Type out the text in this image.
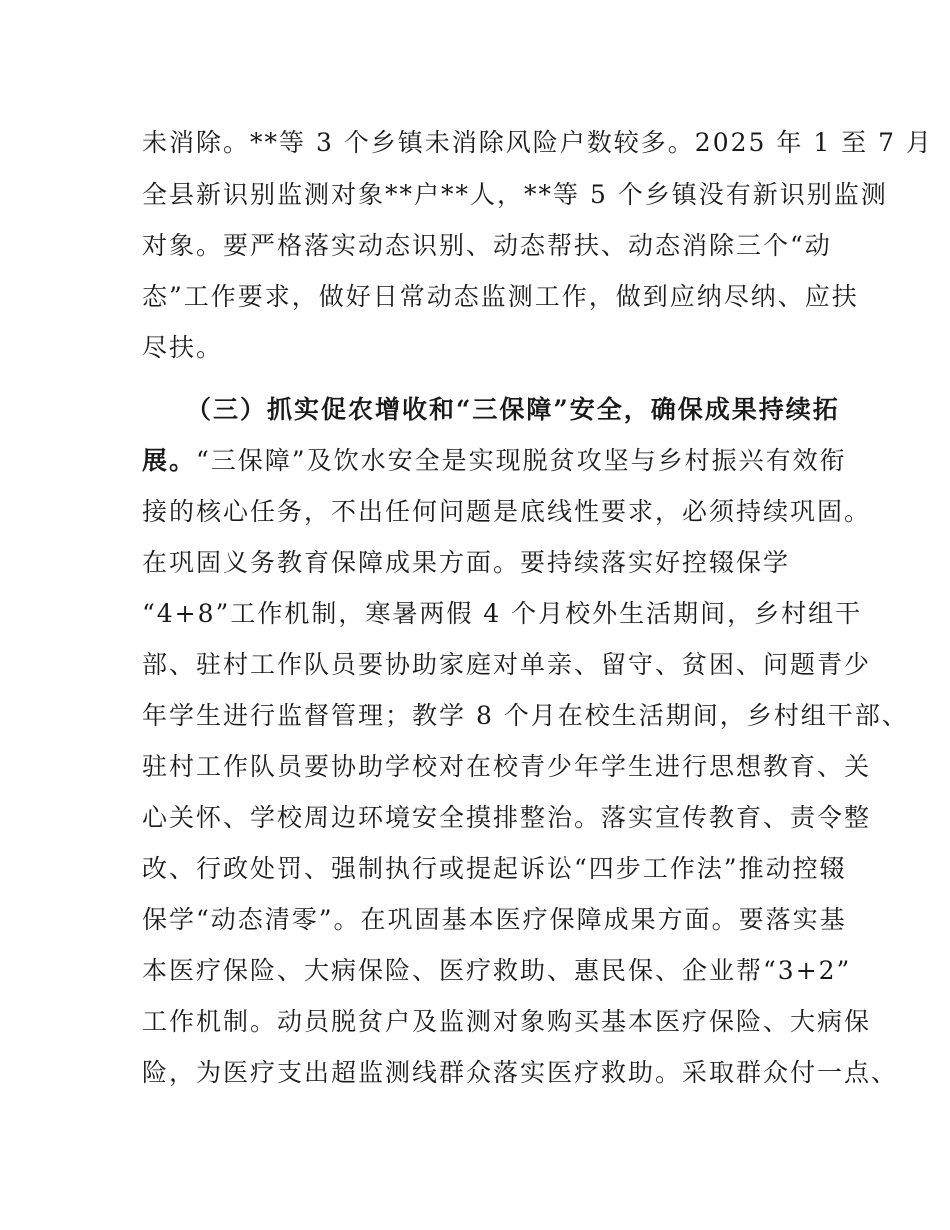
未消除。**等 3 个乡镇未消除风险户数较多。2025 年 1 至 7 月
全县新识别监测对象**户**人，**等 5 个乡镇没有新识别监测
对象。要严格落实动态识别、动态帮扶、动态消除三个“动
态”工作要求，做好日常动态监测工作，做到应纳尽纳、应扶
尽扶。
（三）抓实促农增收和“三保障”安全，确保成果持续拓
展。“三保障”及饮水安全是实现脱贫攻坚与乡村振兴有效衔
接的核心任务，不出任何问题是底线性要求，必须持续巩固。
在巩固义务教育保障成果方面。要持续落实好控辍保学
“4+8”工作机制，寒暑两假 4 个月校外生活期间，乡村组干
部、驻村工作队员要协助家庭对单亲、留守、贫困、问题青少
年学生进行监督管理；教学 8 个月在校生活期间，乡村组干部、
驻村工作队员要协助学校对在校青少年学生进行思想教育、关
心关怀、学校周边环境安全摸排整治。落实宣传教育、责令整
改、行政处罚、强制执行或提起诉讼“四步工作法”推动控辍
保学“动态清零”。在巩固基本医疗保障成果方面。要落实基
本医疗保险、大病保险、医疗救助、惠民保、企业帮“3+2”
工作机制。动员脱贫户及监测对象购买基本医疗保险、大病保
险，为医疗支出超监测线群众落实医疗救助。采取群众付一点、
